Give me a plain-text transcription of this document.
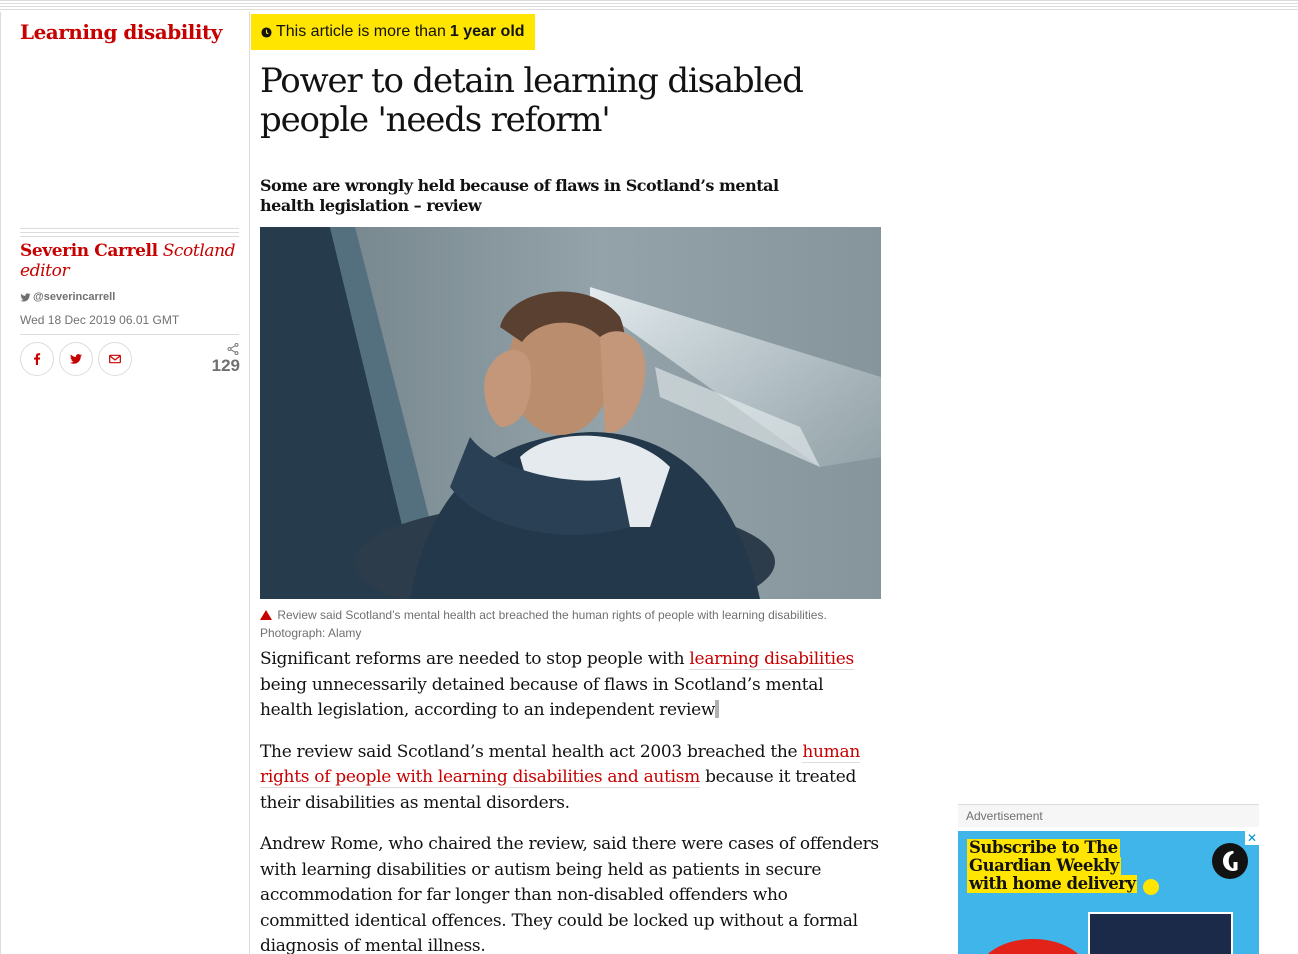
Learning disability
Severin Carrell Scotland editor
@severincarrell
Wed 18 Dec 2019 06.01 GMT
129
This article is more than 1 year old
Power to detain learning disabled people 'needs reform'
Some are wrongly held because of flaws in Scotland’s mental health legislation – review
Review said Scotland’s mental health act breached the human rights of people with learning disabilities. Photograph: Alamy

Significant reforms are needed to stop people with learning disabilities being unnecessarily detained because of flaws in Scotland’s mental health legislation, according to an independent review

The review said Scotland’s mental health act 2003 breached the human rights of people with learning disabilities and autism because it treated their disabilities as mental disorders.

Andrew Rome, who chaired the review, said there were cases of offenders with learning disabilities or autism being held as patients in secure accommodation for far longer than non-disabled offenders who committed identical offences. They could be locked up without a formal diagnosis of mental illness.

Advertisement
✕
Subscribe to The
Guardian Weekly
with home delivery ➔
